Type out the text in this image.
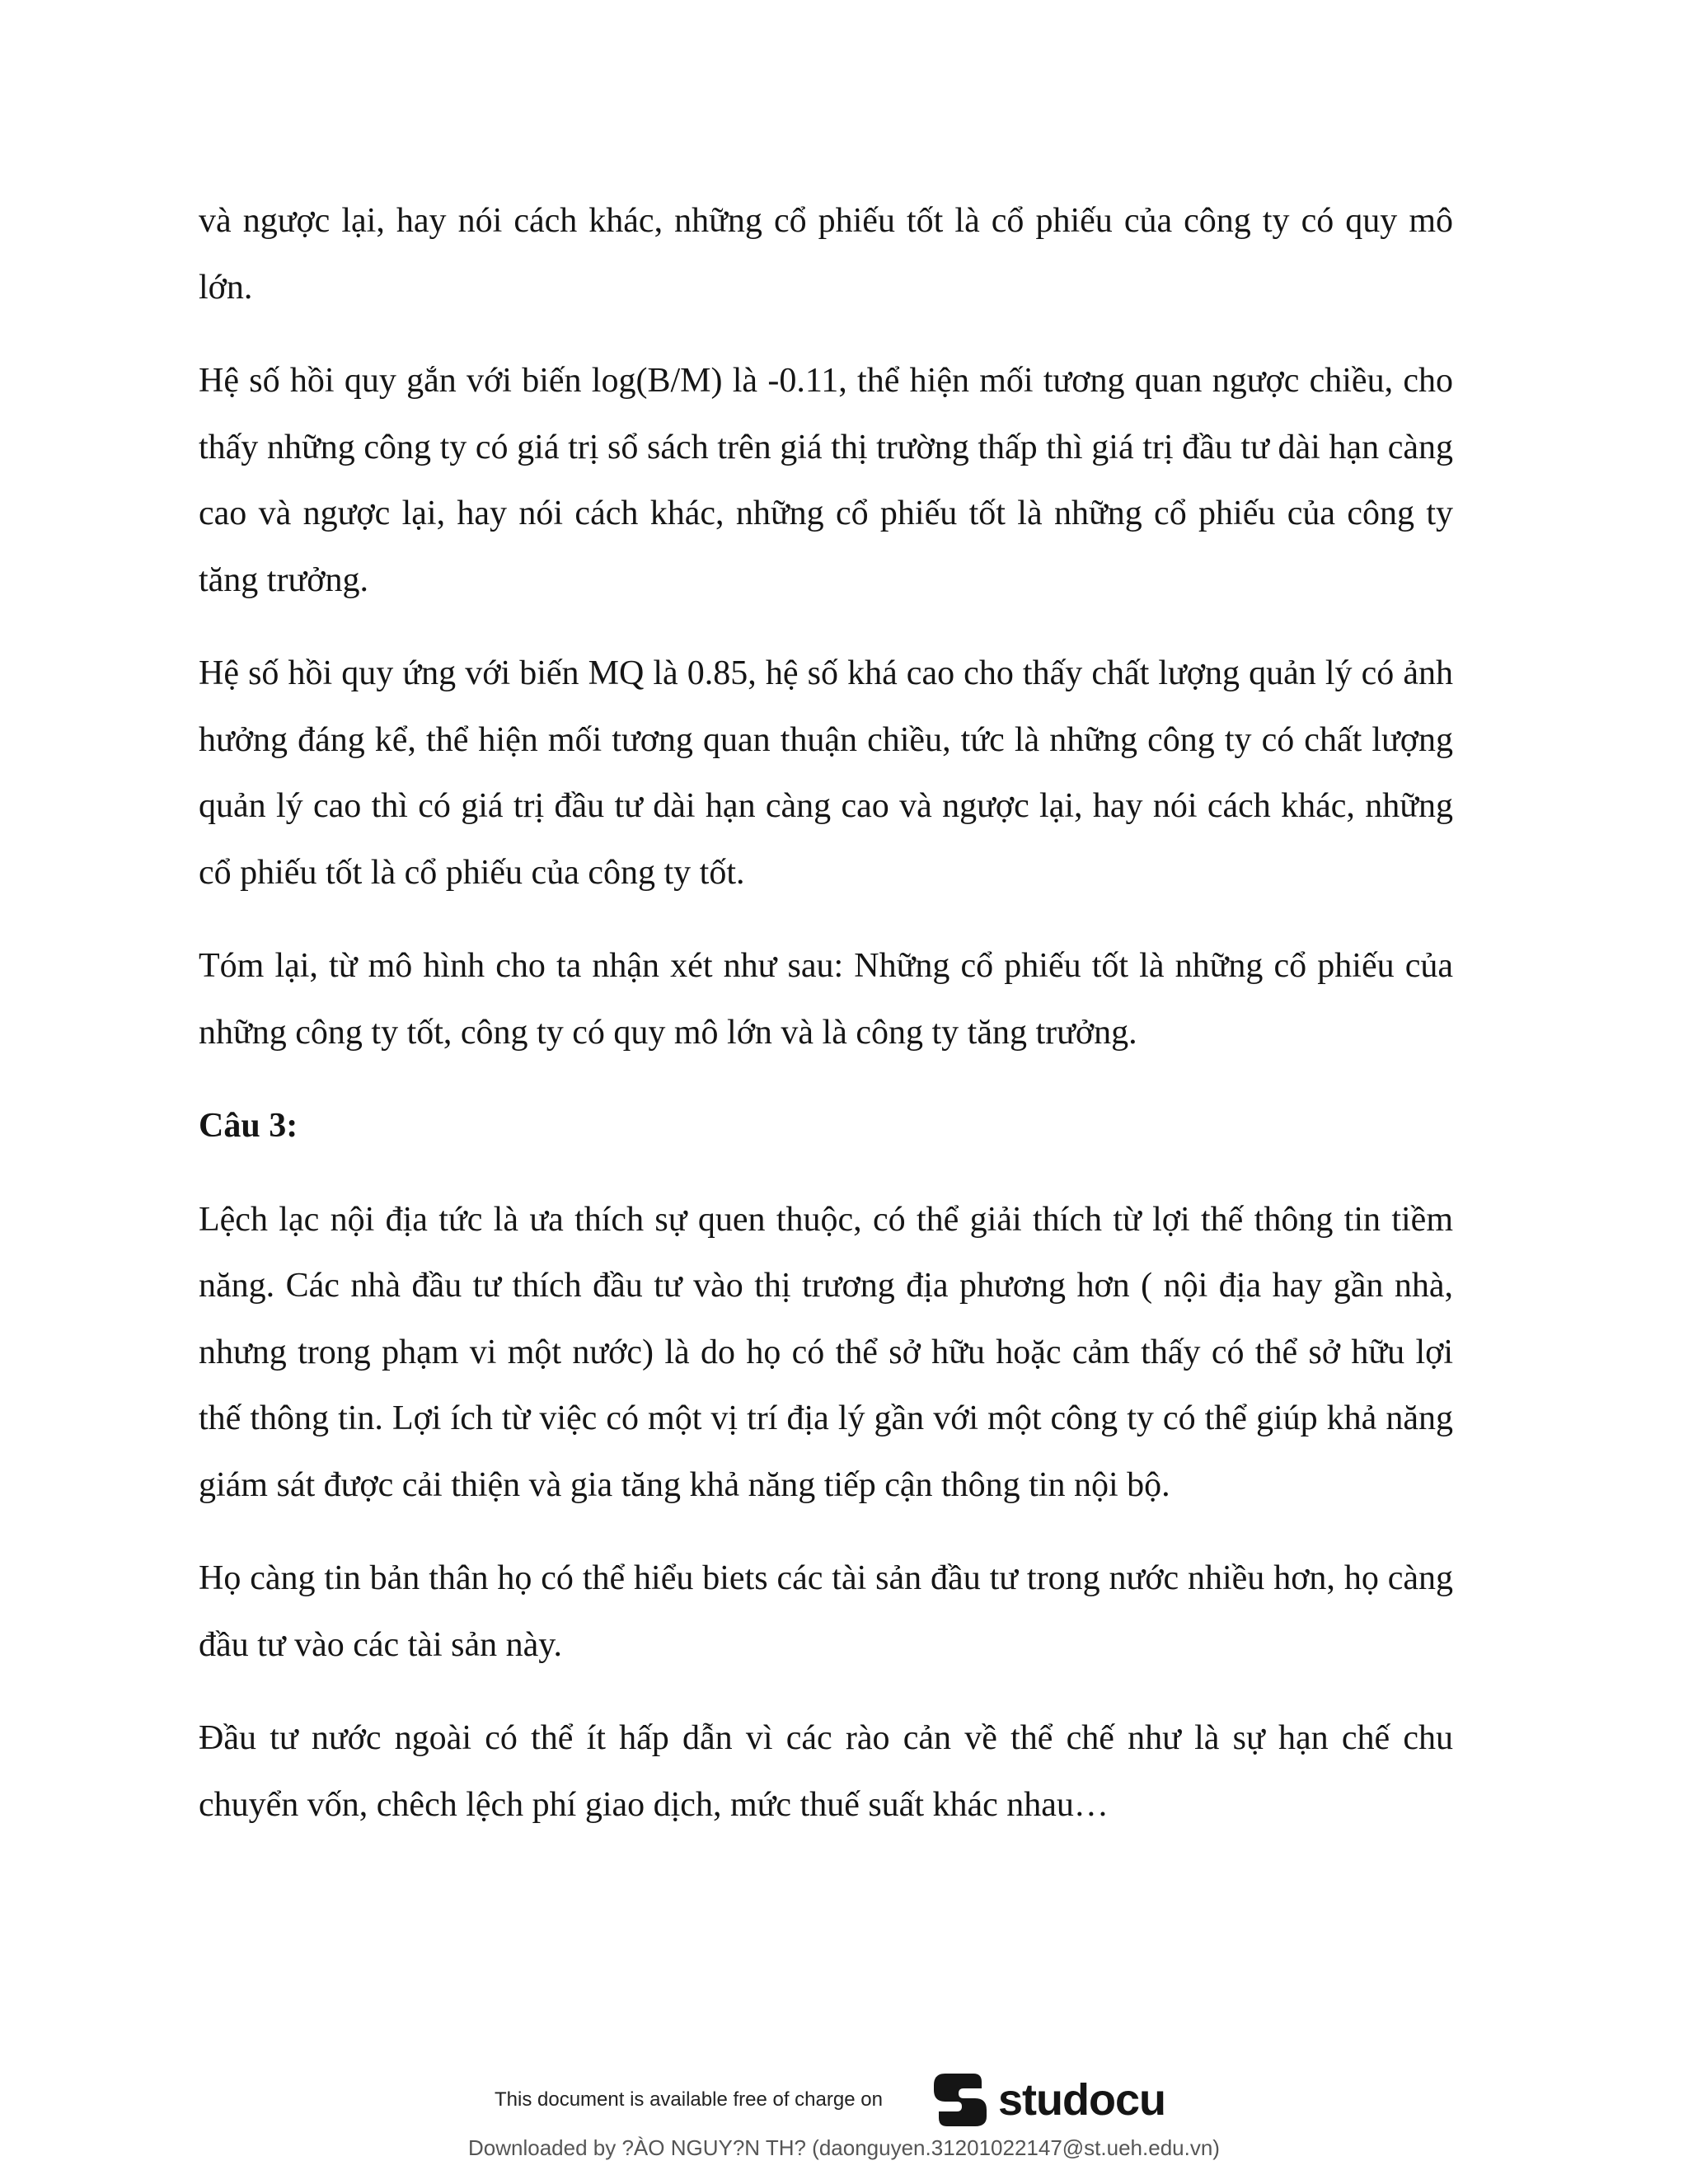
và ngược lại, hay nói cách khác, những cổ phiếu tốt là cổ phiếu của công ty có quy mô lớn.

Hệ số hồi quy gắn với biến log(B/M) là -0.11, thể hiện mối tương quan ngược chiều, cho thấy những công ty có giá trị sổ sách trên giá thị trường thấp thì giá trị đầu tư dài hạn càng cao và ngược lại, hay nói cách khác, những cổ phiếu tốt là những cổ phiếu của công ty tăng trưởng.

Hệ số hồi quy ứng với biến MQ là 0.85, hệ số khá cao cho thấy chất lượng quản lý có ảnh hưởng đáng kể, thể hiện mối tương quan thuận chiều, tức là những công ty có chất lượng quản lý cao thì có giá trị đầu tư dài hạn càng cao và ngược lại, hay nói cách khác, những cổ phiếu tốt là cổ phiếu của công ty tốt.

Tóm lại, từ mô hình cho ta nhận xét như sau: Những cổ phiếu tốt là những cổ phiếu của những công ty tốt, công ty có quy mô lớn và là công ty tăng trưởng.

Câu 3:

Lệch lạc nội địa tức là ưa thích sự quen thuộc, có thể giải thích từ lợi thế thông tin tiềm năng. Các nhà đầu tư thích đầu tư vào thị trương địa phương hơn ( nội địa hay gần nhà, nhưng trong phạm vi một nước) là do họ có thể sở hữu hoặc cảm thấy có thể sở hữu lợi thế thông tin. Lợi ích từ việc có một vị trí địa lý gần với một công ty có thể giúp khả năng giám sát được cải thiện và gia tăng khả năng tiếp cận thông tin nội bộ.

Họ càng tin bản thân họ có thể hiểu biets các tài sản đầu tư trong nước nhiều hơn, họ càng đầu tư vào các tài sản này.

Đầu tư nước ngoài có thể ít hấp dẫn vì các rào cản về thể chế như là sự hạn chế chu chuyển vốn, chêch lệch phí giao dịch, mức thuế suất khác nhau…

This document is available free of charge on	studocu
Downloaded by ?ÀO NGUY?N TH? (daonguyen.31201022147@st.ueh.edu.vn)
